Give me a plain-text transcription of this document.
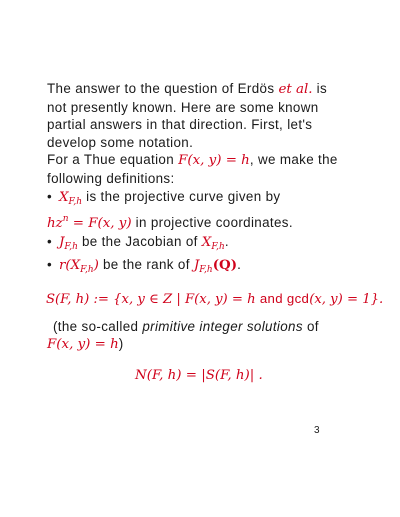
The answer to the question of Erdös et al. is
not presently known. Here are some known
partial answers in that direction. First, let's
develop some notation.
For a Thue equation F(x, y) = h, we make the
following definitions:
• $X_{F,h}$ is the projective curve given by
$hz^n = F(x$, y) in projective coordinates.
• $J_{F,h}$ be the Jacobian of $X_{F,h}$.
• $r(X_{F,h})$ be the rank of $J_{F,h}(Q)$.
S(F, h) := {x, y ∈ Z | F(x, y) = h and gcd(x, y) = 1}.
(the so-called primitive integer solutions of
F(x, y) = h)
N(F, h) = |S(F, h)| .
3
